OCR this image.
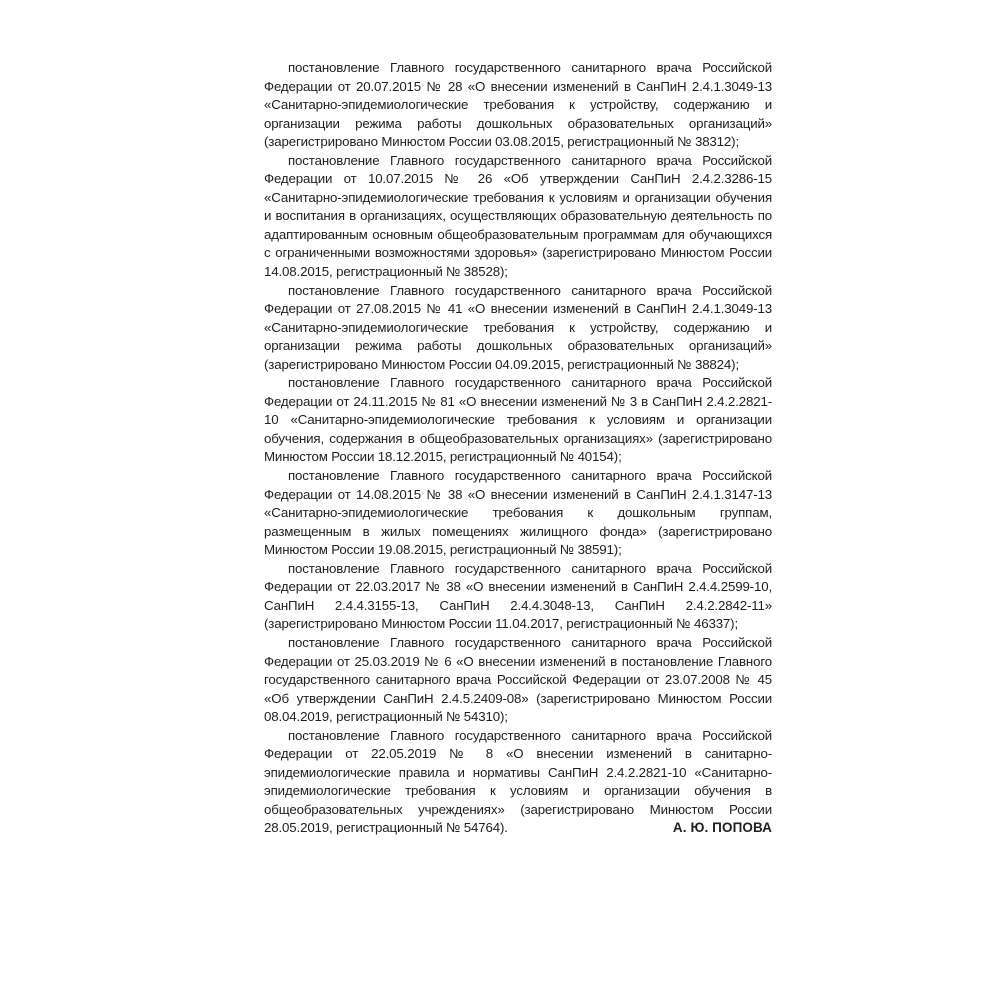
постановление Главного государственного санитарного врача Российской Федерации от 20.07.2015 № 28 «О внесении изменений в СанПиН 2.4.1.3049-13 «Санитарно-эпидемиологические требования к устройству, содержанию и организации режима работы дошкольных образовательных организаций» (зарегистрировано Минюстом России 03.08.2015, регистрационный № 38312);

постановление Главного государственного санитарного врача Российской Федерации от 10.07.2015 № 26 «Об утверждении СанПиН 2.4.2.3286-15 «Санитарно-эпидемиологические требования к условиям и организации обучения и воспитания в организациях, осуществляющих образовательную деятельность по адаптированным основным общеобразовательным программам для обучающихся с ограниченными возможностями здоровья» (зарегистрировано Минюстом России 14.08.2015, регистрационный № 38528);

постановление Главного государственного санитарного врача Российской Федерации от 27.08.2015 № 41 «О внесении изменений в СанПиН 2.4.1.3049-13 «Санитарно-эпидемиологические требования к устройству, содержанию и организации режима работы дошкольных образовательных организаций» (зарегистрировано Минюстом России 04.09.2015, регистрационный № 38824);

постановление Главного государственного санитарного врача Российской Федерации от 24.11.2015 № 81 «О внесении изменений № 3 в СанПиН 2.4.2.2821-10 «Санитарно-эпидемиологические требования к условиям и организации обучения, содержания в общеобразовательных организациях» (зарегистрировано Минюстом России 18.12.2015, регистрационный № 40154);

постановление Главного государственного санитарного врача Российской Федерации от 14.08.2015 № 38 «О внесении изменений в СанПиН 2.4.1.3147-13 «Санитарно-эпидемиологические требования к дошкольным группам, размещенным в жилых помещениях жилищного фонда» (зарегистрировано Минюстом России 19.08.2015, регистрационный № 38591);

постановление Главного государственного санитарного врача Российской Федерации от 22.03.2017 № 38 «О внесении изменений в СанПиН 2.4.4.2599-10, СанПиН 2.4.4.3155-13, СанПиН 2.4.4.3048-13, СанПиН 2.4.2.2842-11» (зарегистрировано Минюстом России 11.04.2017, регистрационный № 46337);

постановление Главного государственного санитарного врача Российской Федерации от 25.03.2019 № 6 «О внесении изменений в постановление Главного государственного санитарного врача Российской Федерации от 23.07.2008 № 45 «Об утверждении СанПиН 2.4.5.2409-08» (зарегистрировано Минюстом России 08.04.2019, регистрационный № 54310);

постановление Главного государственного санитарного врача Российской Федерации от 22.05.2019 № 8 «О внесении изменений в санитарно-эпидемиологические правила и нормативы СанПиН 2.4.2.2821-10 «Санитарно-эпидемиологические требования к условиям и организации обучения в общеобразовательных учреждениях» (зарегистрировано Минюстом России 28.05.2019, регистрационный № 54764).	А. Ю. ПОПОВА
